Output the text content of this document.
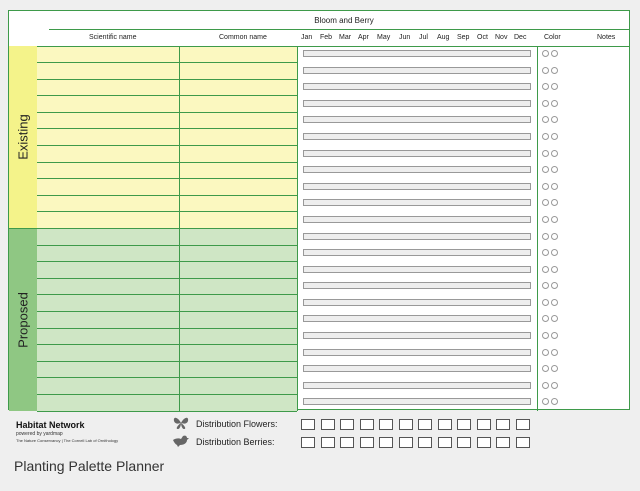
Bloom and Berry
Scientific name	Common name	Jan Feb Mar Apr May Jun Jul Aug Sep Oct Nov Dec	Color	Notes
Existing
Proposed
Habitat Network
powered by yardmap
The Nature Conservancy | The Cornell Lab of Ornithology
Planting Palette Planner
Distribution Flowers:
Distribution Berries:
